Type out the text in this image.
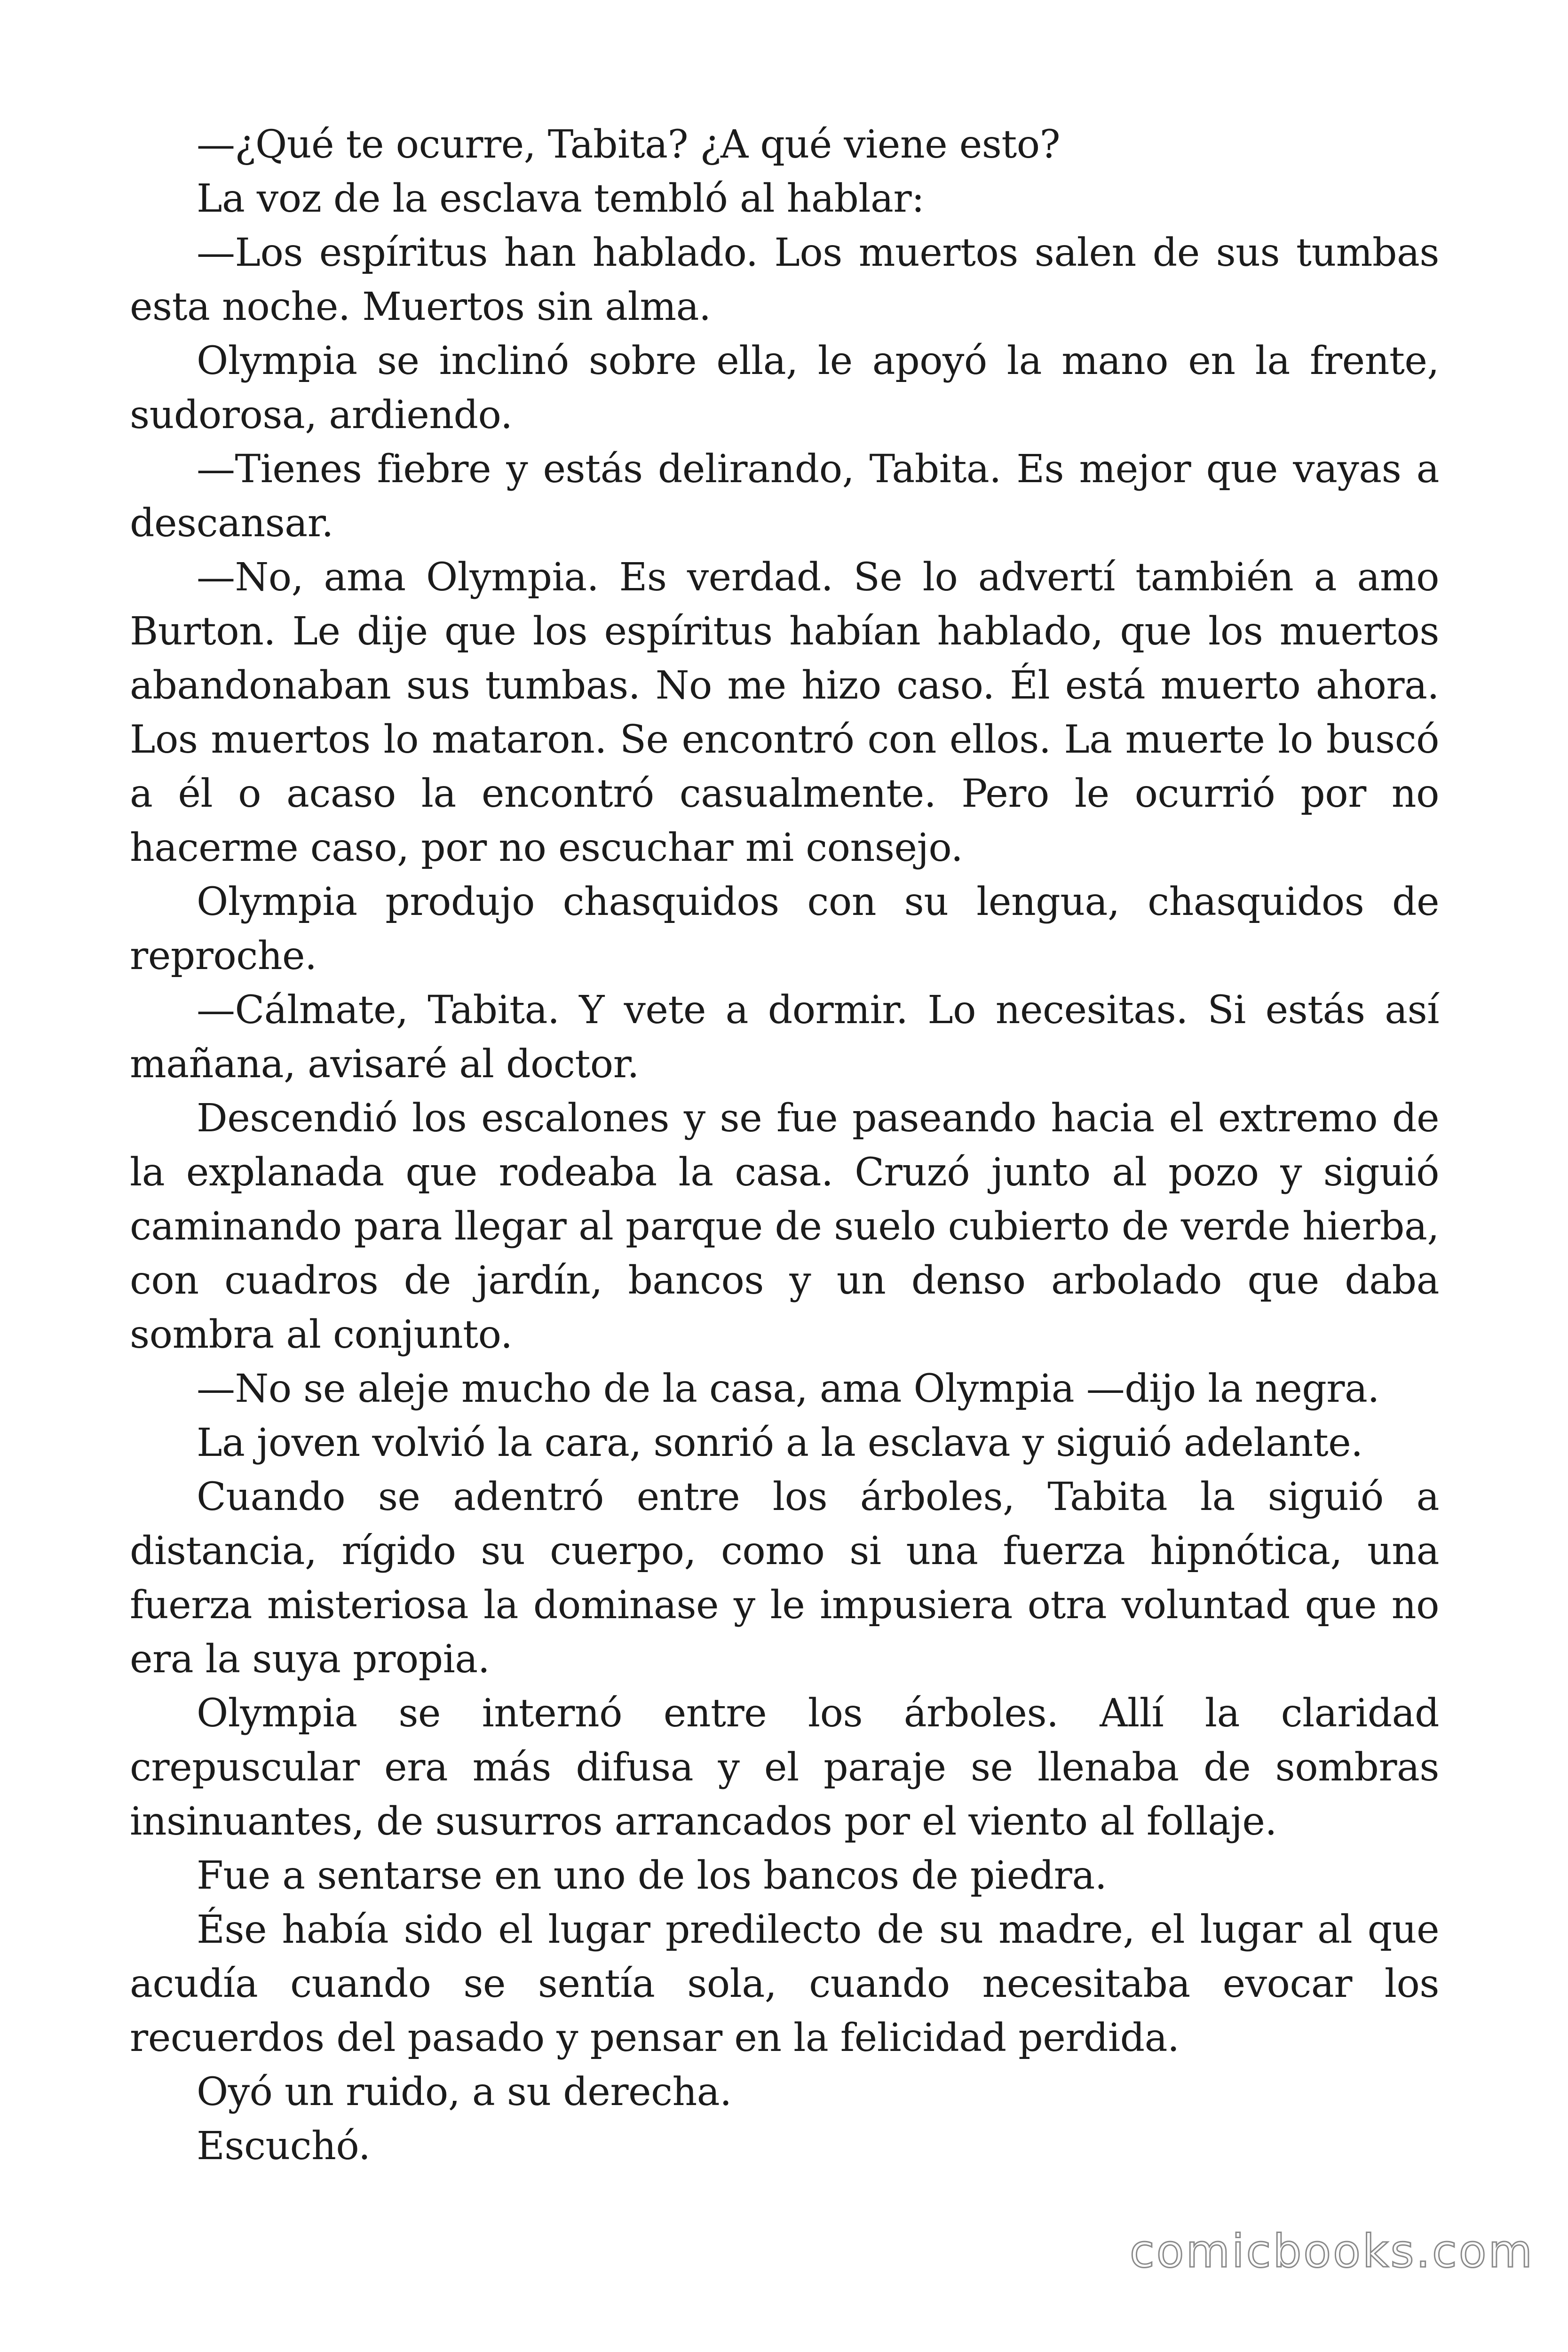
—¿Qué te ocurre, Tabita? ¿A qué viene esto?

La voz de la esclava tembló al hablar:

—Los espíritus han hablado. Los muertos salen de sus tumbas esta noche. Muertos sin alma.

Olympia se inclinó sobre ella, le apoyó la mano en la frente, sudorosa, ardiendo.

—Tienes fiebre y estás delirando, Tabita. Es mejor que vayas a descansar.

—No, ama Olympia. Es verdad. Se lo advertí también a amo Burton. Le dije que los espíritus habían hablado, que los muertos abandonaban sus tumbas. No me hizo caso. Él está muerto ahora. Los muertos lo mataron. Se encontró con ellos. La muerte lo buscó a él o acaso la encontró casualmente. Pero le ocurrió por no hacerme caso, por no escuchar mi consejo.

Olympia produjo chasquidos con su lengua, chasquidos de reproche.

—Cálmate, Tabita. Y vete a dormir. Lo necesitas. Si estás así mañana, avisaré al doctor.

Descendió los escalones y se fue paseando hacia el extremo de la explanada que rodeaba la casa. Cruzó junto al pozo y siguió caminando para llegar al parque de suelo cubierto de verde hierba, con cuadros de jardín, bancos y un denso arbolado que daba sombra al conjunto.

—No se aleje mucho de la casa, ama Olympia —dijo la negra.

La joven volvió la cara, sonrió a la esclava y siguió adelante.

Cuando se adentró entre los árboles, Tabita la siguió a distancia, rígido su cuerpo, como si una fuerza hipnótica, una fuerza misteriosa la dominase y le impusiera otra voluntad que no era la suya propia.

Olympia se internó entre los árboles. Allí la claridad crepuscular era más difusa y el paraje se llenaba de sombras insinuantes, de susurros arrancados por el viento al follaje.

Fue a sentarse en uno de los bancos de piedra.

Ése había sido el lugar predilecto de su madre, el lugar al que acudía cuando se sentía sola, cuando necesitaba evocar los recuerdos del pasado y pensar en la felicidad perdida.

Oyó un ruido, a su derecha.

Escuchó.

comicbooks.com
